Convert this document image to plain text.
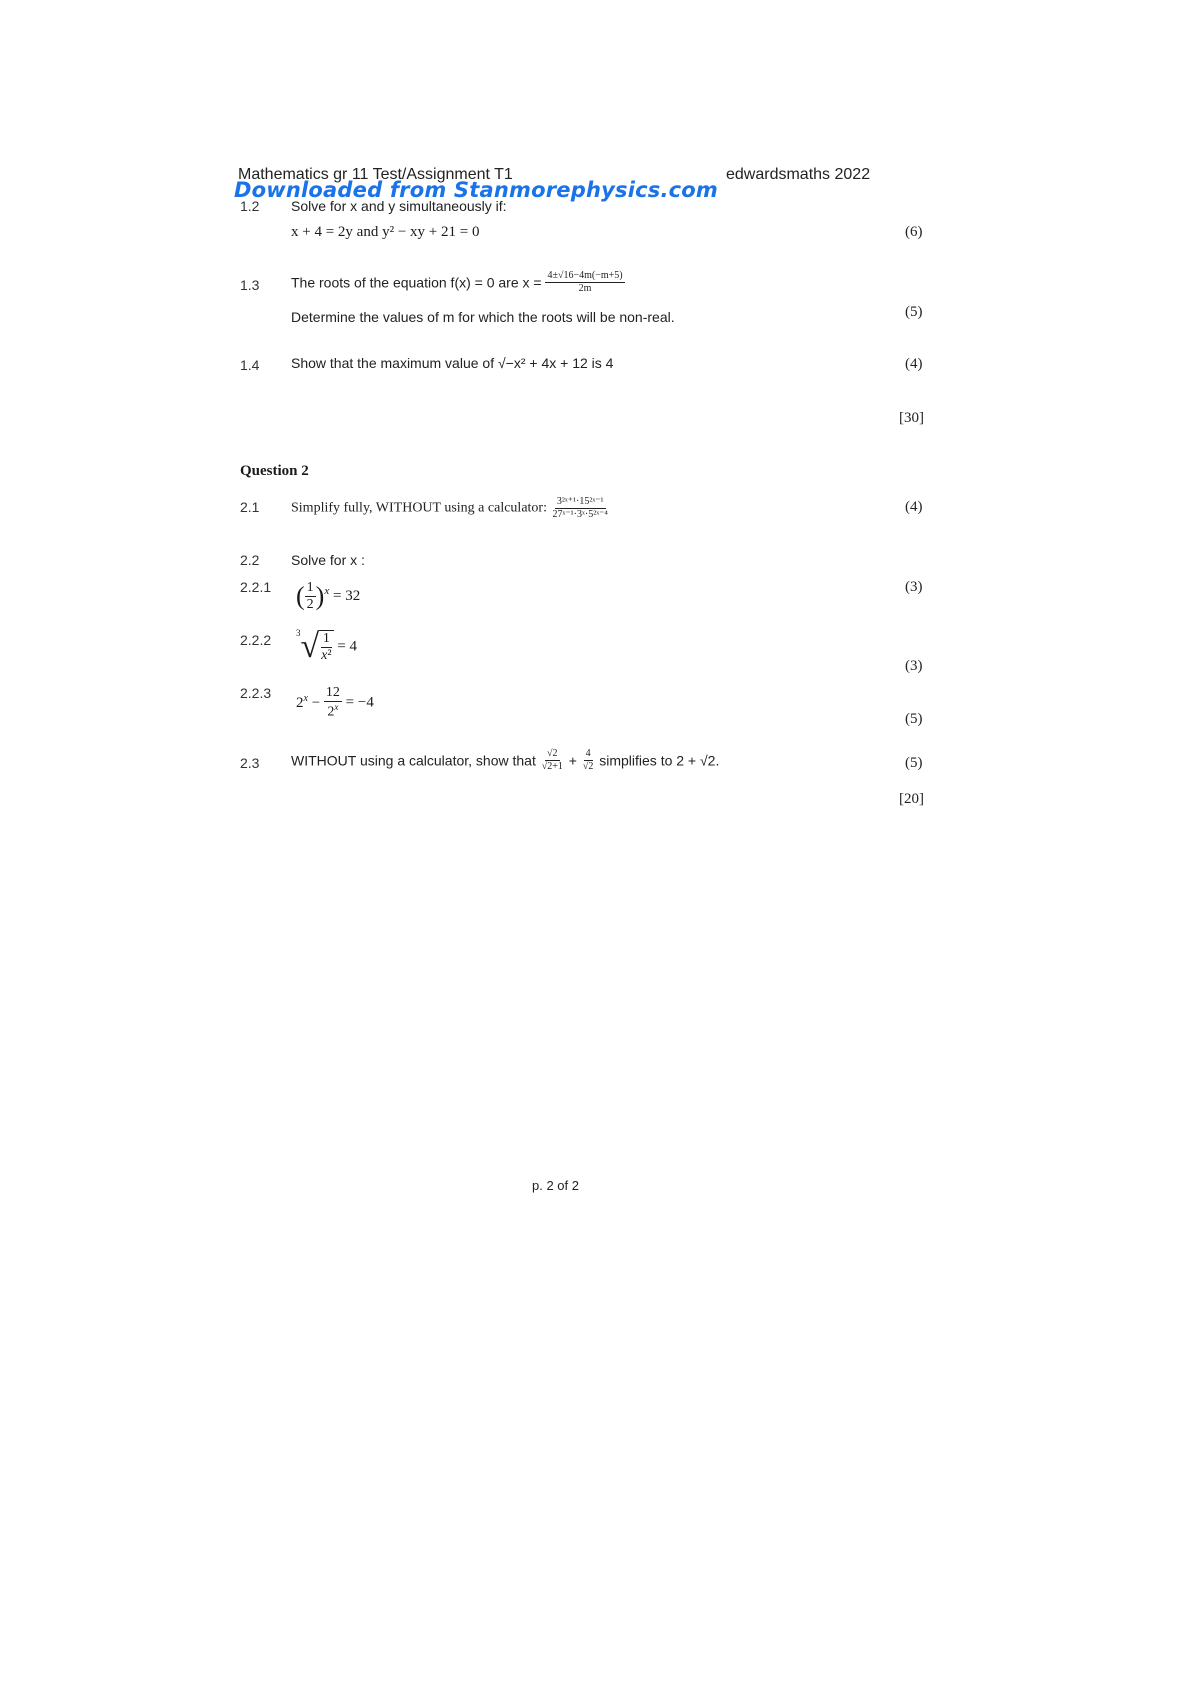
Mathematics gr 11 Test/Assignment T1	edwardsmaths 2022
Downloaded from Stanmorephysics.com
1.2 Solve for x and y simultaneously if:
x + 4 = 2y and y² − xy + 21 = 0	(6)
1.3 The roots of the equation f(x) = 0 are $x = \frac{4\pm√16-4m(-m+5)}{2m}$
Determine the values of m for which the roots will be non-real.	(5)
1.4 Show that the maximum value of √−x² + 4x + 12 is 4	(4)
[30]
Question 2
2.1 Simplify fully, WITHOUT using a calculator: $\frac{\text{3²ˣ⁺¹·15²ˣ⁻¹}}{\text{27ˣ⁻¹·3ˣ·5²ˣ⁻⁴}}$	(4)
2.2 Solve for x :
2.2.1 ( $\frac{1}{2} )^x = 32$
(3)
2.2.2	$^3√ \frac{1}{\text{x²}} = 4$
(3)
2.2.3
$2^x - \frac{12}{2^x} = -4$
(5)
2.3 WITHOUT using a calculator, show that $\frac{√2}{√2+1} + \frac{4}{√2}$ simplifies to 2 + √2.	(5)
[20]
p. 2 of 2
